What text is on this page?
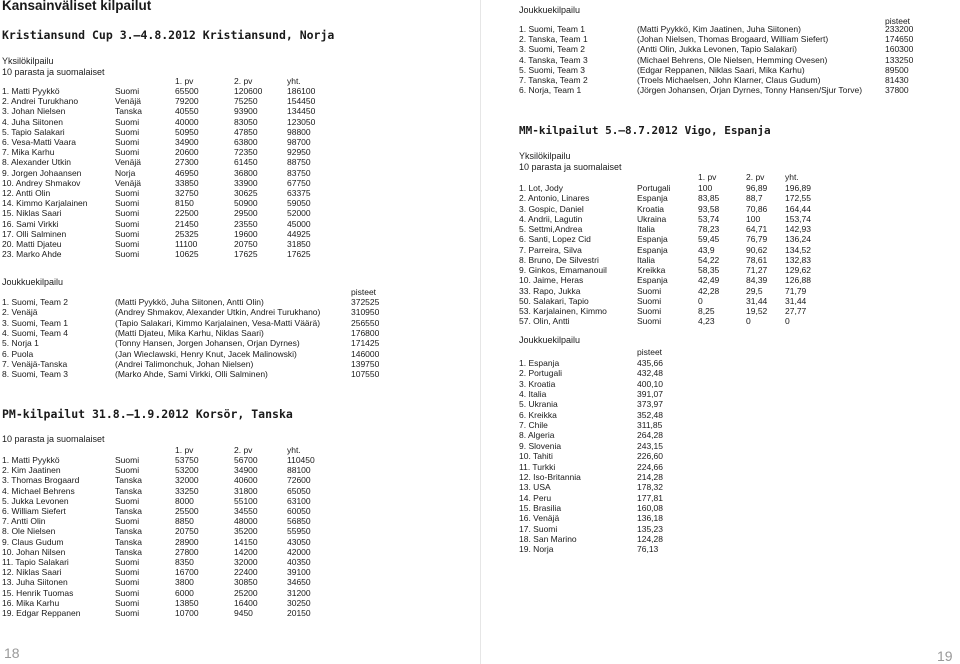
Kansainväliset kilpailut
Kristiansund Cup 3.–4.8.2012 Kristiansund, Norja
Yksilökilpailu
10 parasta ja suomalaiset
1. pv	2. pv	yht.
1. Matti Pyykkö	Suomi	65500	120600	186100
2. Andrei Turukhano	Venäjä	79200	75250	154450
3. Johan Nielsen	Tanska	40550	93900	134450
4. Juha Siitonen	Suomi	40000	83050	123050
5. Tapio Salakari	Suomi	50950	47850	98800
6. Vesa-Matti Vaara	Suomi	34900	63800	98700
7. Mika Karhu	Suomi	20600	72350	92950
8. Alexander Utkin	Venäjä	27300	61450	88750
9. Jorgen Johaansen	Norja	46950	36800	83750
10. Andrey Shmakov	Venäjä	33850	33900	67750
12. Antti Olin	Suomi	32750	30625	63375
14. Kimmo Karjalainen	Suomi	8150	50900	59050
15. Niklas Saari	Suomi	22500	29500	52000
16. Sami Virkki	Suomi	21450	23550	45000
17. Olli Salminen	Suomi	25325	19600	44925
20. Matti Djateu	Suomi	11100	20750	31850
23. Marko Ahde	Suomi	10625	17625	17625
Joukkuekilpailu
pisteet
1. Suomi, Team 2	(Matti Pyykkö, Juha Siitonen, Antti Olin)	372525
2. Venäjä	(Andrey Shmakov, Alexander Utkin, Andrei Turukhano)	310950
3. Suomi, Team 1	(Tapio Salakari, Kimmo Karjalainen, Vesa-Matti Väärä)	256550
4. Suomi, Team 4	(Matti Djateu, Mika Karhu, Niklas Saari)	176800
5. Norja 1	(Tonny Hansen, Jorgen Johansen, Orjan Dyrnes)	171425
6. Puola	(Jan Wieclawski, Henry Knut, Jacek Malinowski)	146000
7. Venäjä-Tanska	(Andrei Talimonchuk, Johan Nielsen)	139750
8. Suomi, Team 3	(Marko Ahde, Sami Virkki, Olli Salminen)	107550
PM-kilpailut 31.8.–1.9.2012 Korsör, Tanska
10 parasta ja suomalaiset
1. pv	2. pv	yht.
1. Matti Pyykkö	Suomi	53750	56700	110450
2. Kim Jaatinen	Suomi	53200	34900	88100
3. Thomas Brogaard	Tanska	32000	40600	72600
4. Michael Behrens	Tanska	33250	31800	65050
5. Jukka Levonen	Suomi	8000	55100	63100
6. William Siefert	Tanska	25500	34550	60050
7. Antti Olin	Suomi	8850	48000	56850
8. Ole Nielsen	Tanska	20750	35200	55950
9. Claus Gudum	Tanska	28900	14150	43050
10. Johan Nilsen	Tanska	27800	14200	42000
11. Tapio Salakari	Suomi	8350	32000	40350
12. Niklas Saari	Suomi	16700	22400	39100
13. Juha Siitonen	Suomi	3800	30850	34650
15. Henrik Tuomas	Suomi	6000	25200	31200
16. Mika Karhu	Suomi	13850	16400	30250
19. Edgar Reppanen	Suomi	10700	9450	20150
18
Joukkuekilpailu
pisteet
1. Suomi, Team 1	(Matti Pyykkö, Kim Jaatinen, Juha Siitonen)	233200
2. Tanska, Team 1	(Johan Nielsen, Thomas Brogaard, William Siefert)	174650
3. Suomi, Team 2	(Antti Olin, Jukka Levonen, Tapio Salakari)	160300
4. Tanska, Team 3	(Michael Behrens, Ole Nielsen, Hemming Ovesen)	133250
5. Suomi, Team 3	(Edgar Reppanen, Niklas Saari, Mika Karhu)	89500
7. Tanska, Team 2	(Troels Michaelsen, John Klarner, Claus Gudum)	81430
6. Norja, Team 1	(Jörgen Johansen, Örjan Dyrnes, Tonny Hansen/Sjur Torve)	37800
MM-kilpailut 5.–8.7.2012 Vigo, Espanja
Yksilökilpailu
10 parasta ja suomalaiset
1. pv	2. pv yht.
1. Lot, Jody	Portugali	100	96,89 196,89
2. Antonio, Linares	Espanja	83,85	88,7	172,55
3. Gospic, Daniel	Kroatia	93,58	70,86 164,44
4. Andrii, Lagutin	Ukraina	53,74	100	153,74
5. Settmi,Andrea	Italia	78,23	64,71 142,93
6. Santi, Lopez Cid	Espanja	59,45	76,79 136,24
7. Parreira, Silva	Espanja	43,9	90,62 134,52
8. Bruno, De Silvestri	Italia	54,22	78,61 132,83
9. Ginkos, Emamanouil	Kreikka	58,35	71,27 129,62
10. Jaime, Heras	Espanja	42,49	84,39 126,88
33. Rapo, Jukka	Suomi	42,28	29,5	71,79
50. Salakari, Tapio	Suomi	0	31,44 31,44
53. Karjalainen, Kimmo	Suomi	8,25	19,52 27,77
57. Olin, Antti	Suomi	4,23	0	0
Joukkuekilpailu
pisteet
1. Espanja	435,66
2. Portugali	432,48
3. Kroatia	400,10
4. Italia	391,07
5. Ukrania	373,97
6. Kreikka	352,48
7. Chile	311,85
8. Algeria	264,28
9. Slovenia	243,15
10. Tahiti	226,60
11. Turkki	224,66
12. Iso-Britannia	214,28
13. USA	178,32
14. Peru	177,81
15. Brasilia	160,08
16. Venäjä	136,18
17. Suomi	135,23
18. San Marino	124,28
19. Norja	76,13
19
